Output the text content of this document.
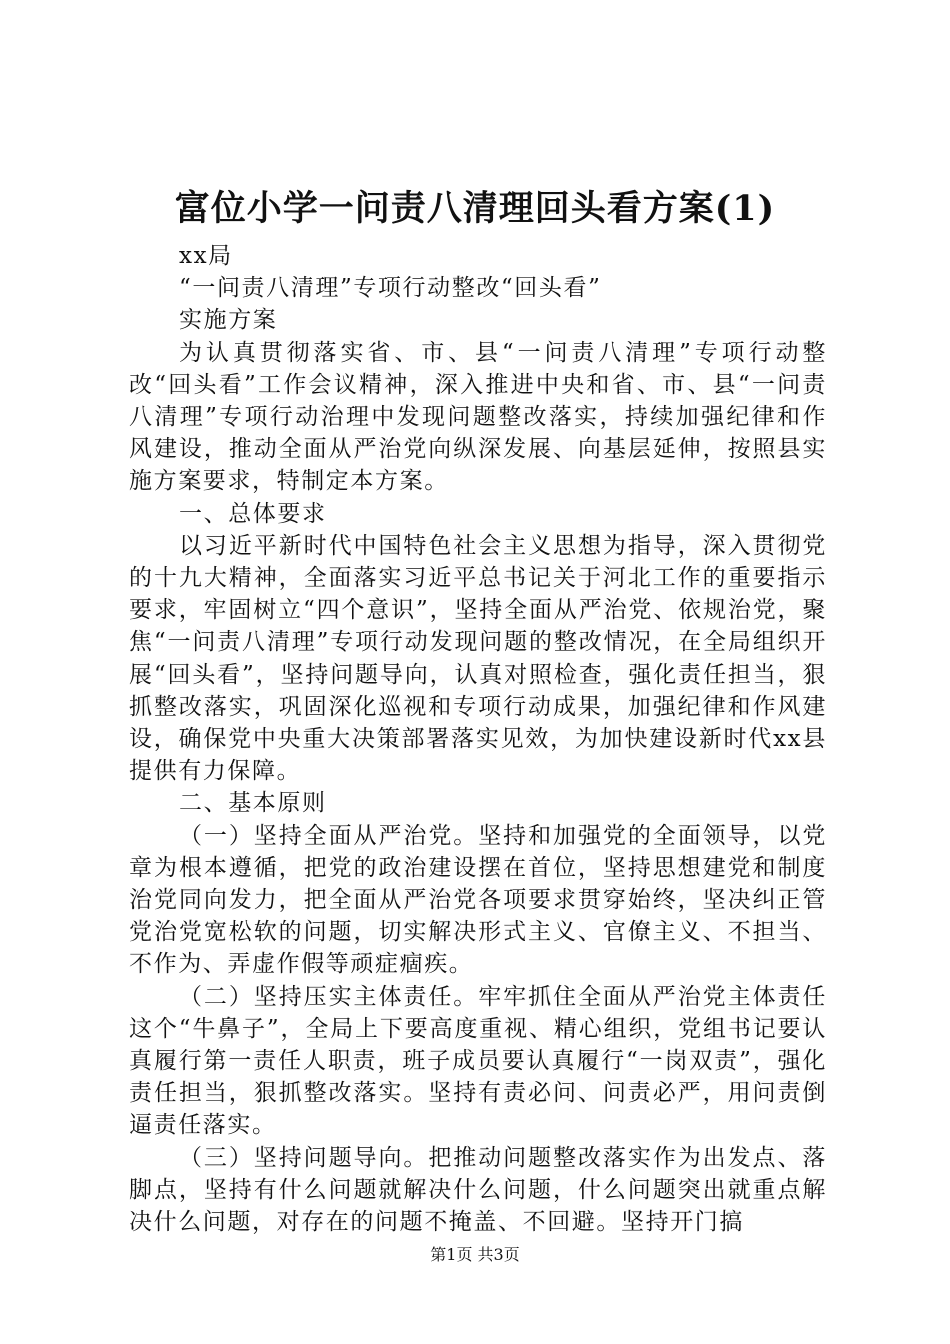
富位小学一问责八清理回头看方案(1)

xx局

“一问责八清理”专项行动整改“回头看”

实施方案

为认真贯彻落实省、市、县“一问责八清理”专项行动整改“回头看”工作会议精神，深入推进中央和省、市、县“一问责八清理”专项行动治理中发现问题整改落实，持续加强纪律和作风建设，推动全面从严治党向纵深发展、向基层延伸，按照县实施方案要求，特制定本方案。

一、总体要求

以习近平新时代中国特色社会主义思想为指导，深入贯彻党的十九大精神，全面落实习近平总书记关于河北工作的重要指示要求，牢固树立“四个意识”，坚持全面从严治党、依规治党，聚焦“一问责八清理”专项行动发现问题的整改情况，在全局组织开展“回头看”，坚持问题导向，认真对照检查，强化责任担当，狠抓整改落实，巩固深化巡视和专项行动成果，加强纪律和作风建设，确保党中央重大决策部署落实见效，为加快建设新时代xx县提供有力保障。

二、基本原则

（一）坚持全面从严治党。坚持和加强党的全面领导，以党章为根本遵循，把党的政治建设摆在首位，坚持思想建党和制度治党同向发力，把全面从严治党各项要求贯穿始终，坚决纠正管党治党宽松软的问题，切实解决形式主义、官僚主义、不担当、不作为、弄虚作假等顽症痼疾。

（二）坚持压实主体责任。牢牢抓住全面从严治党主体责任这个“牛鼻子”，全局上下要高度重视、精心组织，党组书记要认真履行第一责任人职责，班子成员要认真履行“一岗双责”，强化责任担当，狠抓整改落实。坚持有责必问、问责必严，用问责倒逼责任落实。

（三）坚持问题导向。把推动问题整改落实作为出发点、落脚点，坚持有什么问题就解决什么问题，什么问题突出就重点解决什么问题，对存在的问题不掩盖、不回避。坚持开门搞

第1页 共3页
